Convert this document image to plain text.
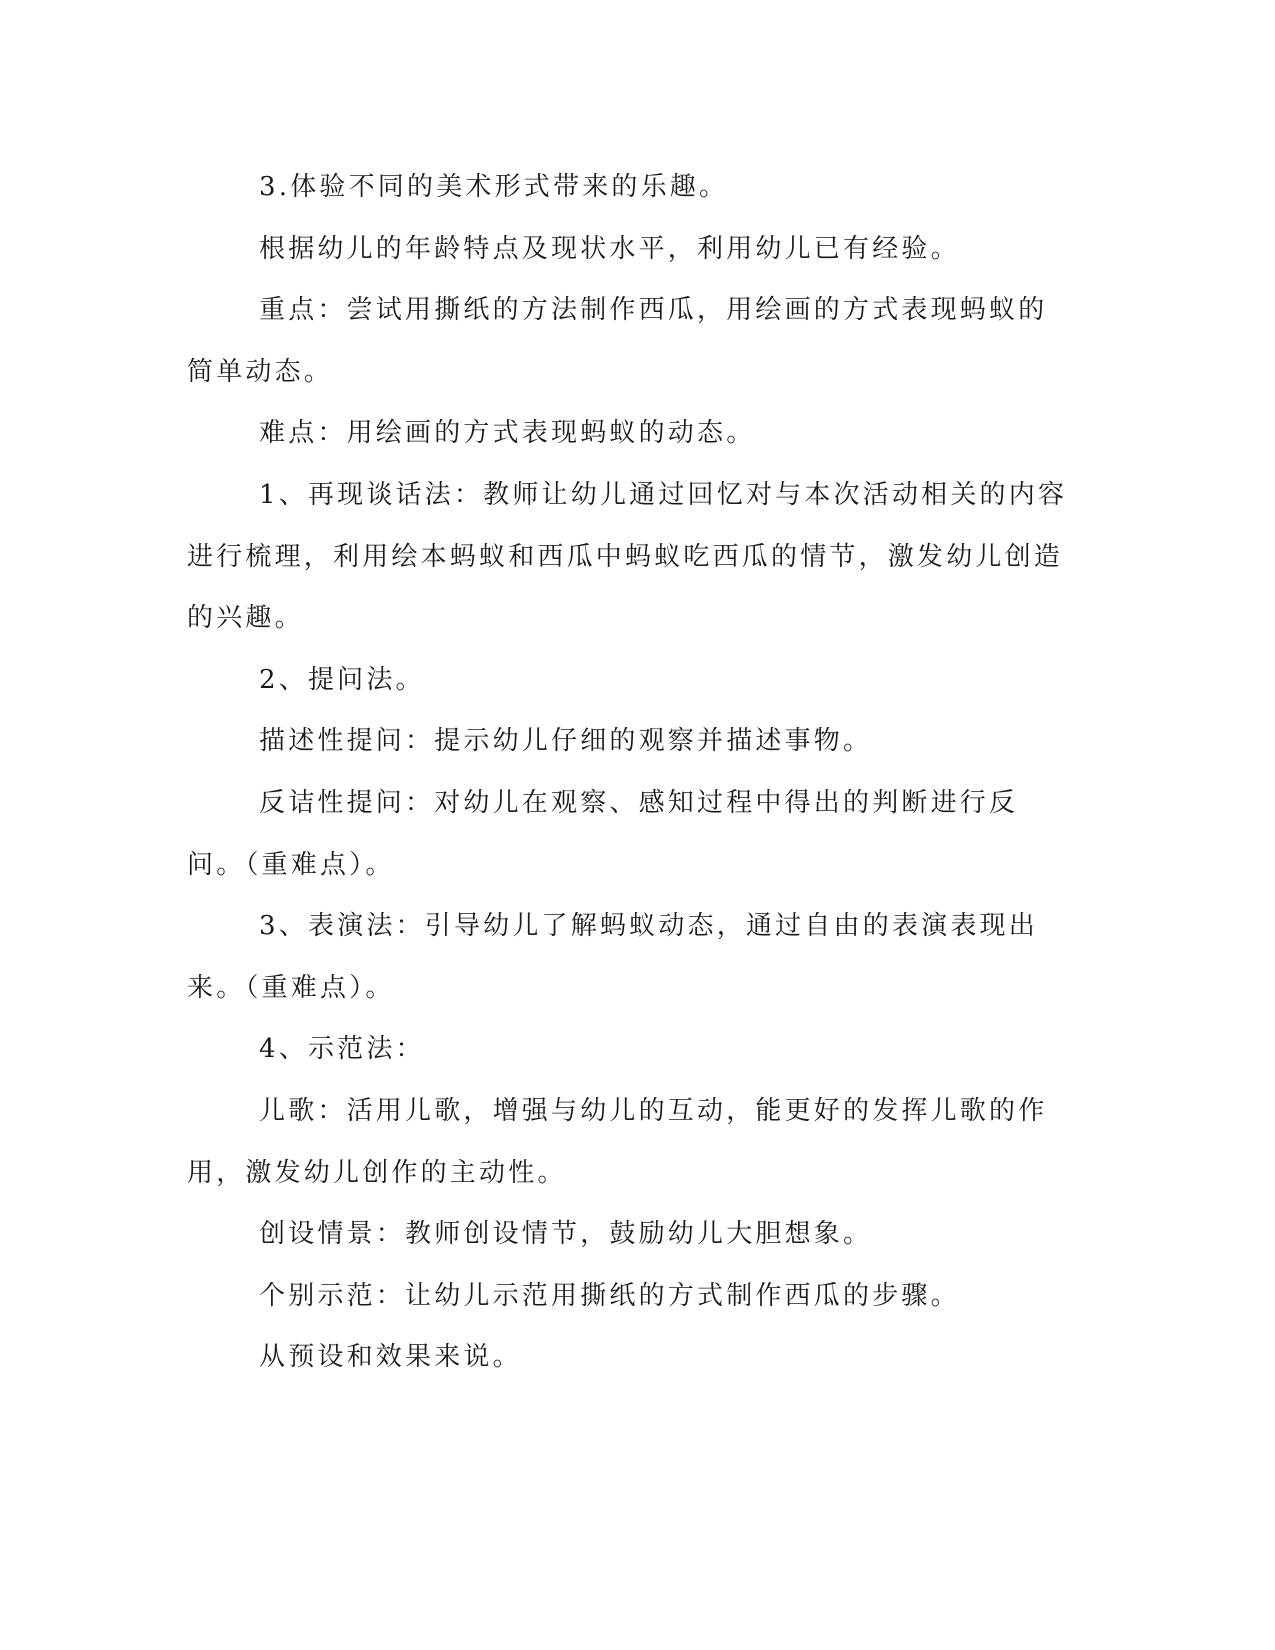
3.体验不同的美术形式带来的乐趣。

根据幼儿的年龄特点及现状水平，利用幼儿已有经验。

重点：尝试用撕纸的方法制作西瓜，用绘画的方式表现蚂蚁的简单动态。

难点：用绘画的方式表现蚂蚁的动态。

1、再现谈话法：教师让幼儿通过回忆对与本次活动相关的内容进行梳理，利用绘本蚂蚁和西瓜中蚂蚁吃西瓜的情节，激发幼儿创造的兴趣。

2、提问法。

描述性提问：提示幼儿仔细的观察并描述事物。

反诘性提问：对幼儿在观察、感知过程中得出的判断进行反问。（重难点）。

3、表演法：引导幼儿了解蚂蚁动态，通过自由的表演表现出来。（重难点）。

4、示范法：

儿歌：活用儿歌，增强与幼儿的互动，能更好的发挥儿歌的作用，激发幼儿创作的主动性。

创设情景：教师创设情节，鼓励幼儿大胆想象。

个别示范：让幼儿示范用撕纸的方式制作西瓜的步骤。

从预设和效果来说。
